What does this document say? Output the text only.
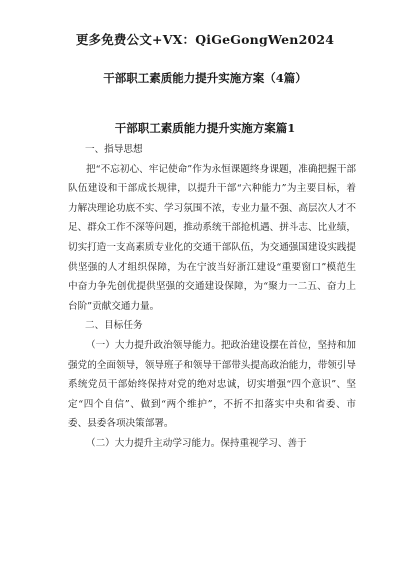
更多免费公文+VX：QiGeGongWen2024
干部职工素质能力提升实施方案（4篇）
干部职工素质能力提升实施方案篇1
一、指导思想

把“不忘初心、牢记使命”作为永恒课题终身课题，准确把握干部队伍建设和干部成长规律，以提升干部“六种能力”为主要目标，着力解决理论功底不实、学习氛围不浓，专业力量不强、高层次人才不足、群众工作不深等问题，推动系统干部抢机遇、拼斗志、比业绩，切实打造一支高素质专业化的交通干部队伍，为交通强国建设实践提供坚强的人才组织保障，为在宁波当好浙江建设“重要窗口”模范生中奋力争先创优提供坚强的交通建设保障，为“聚力一二五、奋力上台阶”贡献交通力量。

二、目标任务

（一）大力提升政治领导能力。把政治建设摆在首位，坚持和加强党的全面领导，领导班子和领导干部带头提高政治能力，带领引导系统党员干部始终保持对党的绝对忠诚，切实增强“四个意识”、坚定“四个自信”、做到“两个维护”，不折不扣落实中央和省委、市委、县委各项决策部署。

（二）大力提升主动学习能力。保持重视学习、善于
